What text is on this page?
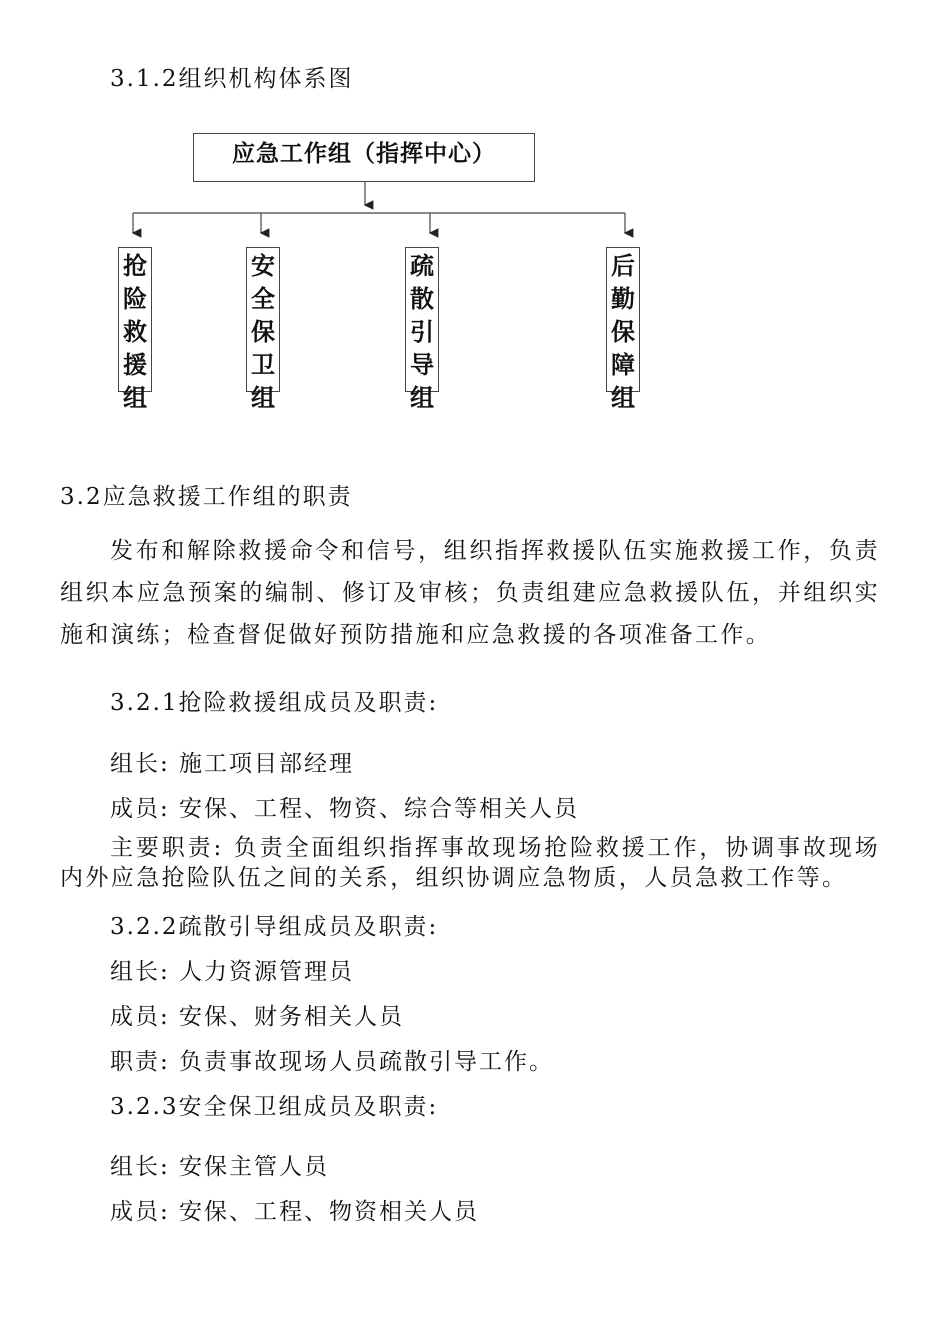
3.1.2组织机构体系图
应急工作组（指挥中心）
抢险救援组
安全保卫组
疏散引导组
后勤保障组
3.2应急救援工作组的职责
发布和解除救援命令和信号，组织指挥救援队伍实施救援工作，负责组织本应急预案的编制、修订及审核；负责组建应急救援队伍，并组织实施和演练；检查督促做好预防措施和应急救援的各项准备工作。
3.2.1抢险救援组成员及职责:
组长: 施工项目部经理
成员: 安保、工程、物资、综合等相关人员
主要职责: 负责全面组织指挥事故现场抢险救援工作，协调事故现场内外应急抢险队伍之间的关系，组织协调应急物质，人员急救工作等。
3.2.2疏散引导组成员及职责:
组长: 人力资源管理员
成员: 安保、财务相关人员
职责: 负责事故现场人员疏散引导工作。
3.2.3安全保卫组成员及职责:
组长: 安保主管人员
成员: 安保、工程、物资相关人员
